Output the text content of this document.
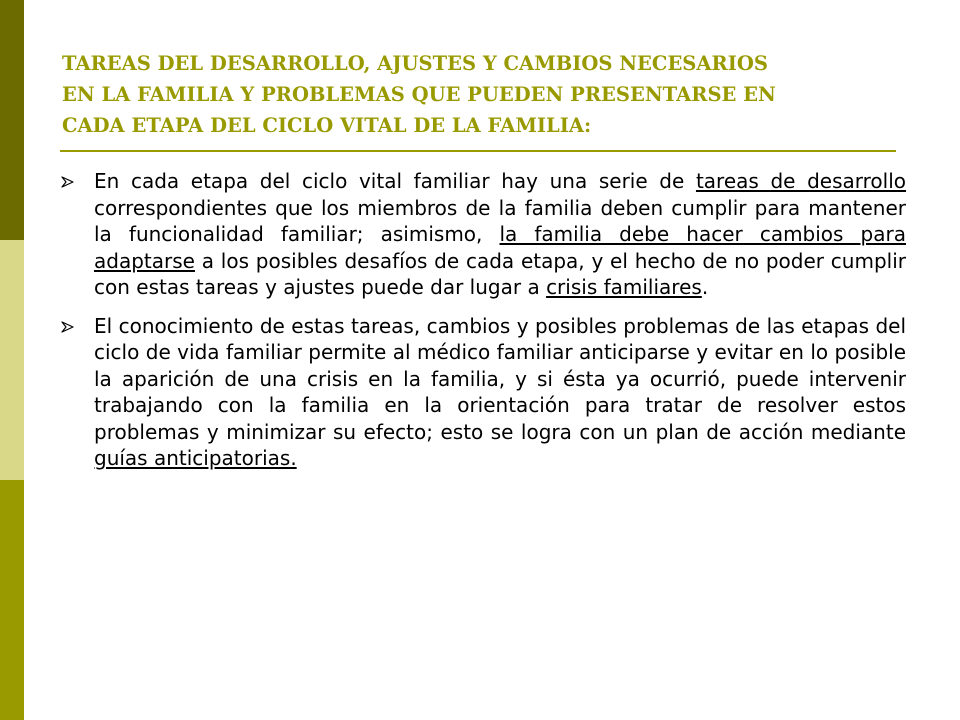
TAREAS DEL DESARROLLO, AJUSTES Y CAMBIOS NECESARIOS
EN LA FAMILIA Y PROBLEMAS QUE PUEDEN PRESENTARSE EN
CADA ETAPA DEL CICLO VITAL DE LA FAMILIA:

En cada etapa del ciclo vital familiar hay una serie de tareas de desarrollo correspondientes que los miembros de la familia deben cumplir para mantener la funcionalidad familiar; asimismo, la familia debe hacer cambios para adaptarse a los posibles desafíos de cada etapa, y el hecho de no poder cumplir con estas tareas y ajustes puede dar lugar a crisis familiares.

El conocimiento de estas tareas, cambios y posibles problemas de las etapas del ciclo de vida familiar permite al médico familiar anticiparse y evitar en lo posible la aparición de una crisis en la familia, y si ésta ya ocurrió, puede intervenir trabajando con la familia en la orientación para tratar de resolver estos problemas y minimizar su efecto; esto se logra con un plan de acción mediante guías anticipatorias.
